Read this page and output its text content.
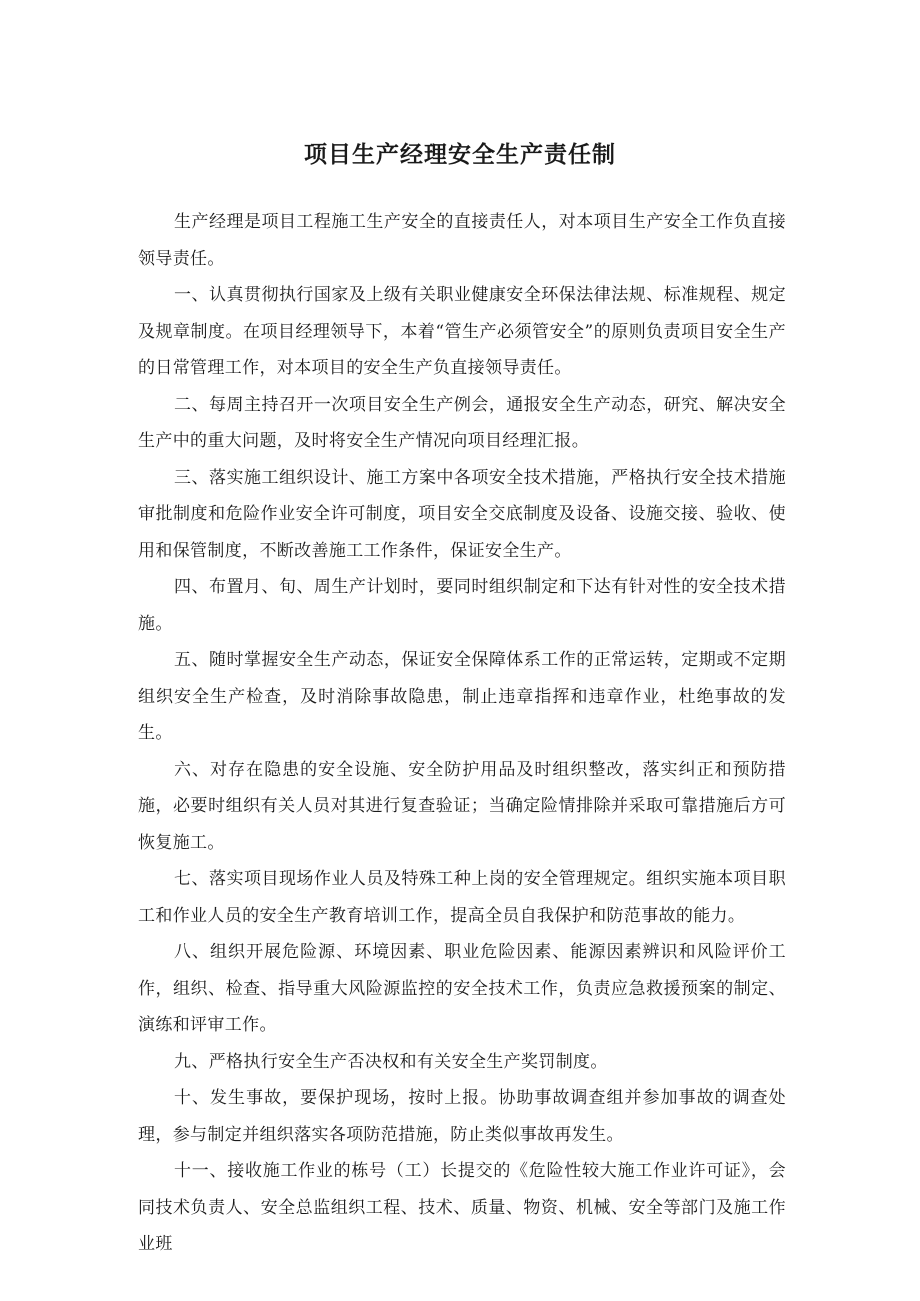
项目生产经理安全生产责任制

生产经理是项目工程施工生产安全的直接责任人，对本项目生产安全工作负直接领导责任。

一、认真贯彻执行国家及上级有关职业健康安全环保法律法规、标准规程、规定及规章制度。在项目经理领导下，本着“管生产必须管安全”的原则负责项目安全生产的日常管理工作，对本项目的安全生产负直接领导责任。

二、每周主持召开一次项目安全生产例会，通报安全生产动态，研究、解决安全生产中的重大问题，及时将安全生产情况向项目经理汇报。

三、落实施工组织设计、施工方案中各项安全技术措施，严格执行安全技术措施审批制度和危险作业安全许可制度，项目安全交底制度及设备、设施交接、验收、使用和保管制度，不断改善施工工作条件，保证安全生产。

四、布置月、旬、周生产计划时，要同时组织制定和下达有针对性的安全技术措施。

五、随时掌握安全生产动态，保证安全保障体系工作的正常运转，定期或不定期组织安全生产检查，及时消除事故隐患，制止违章指挥和违章作业，杜绝事故的发生。

六、对存在隐患的安全设施、安全防护用品及时组织整改，落实纠正和预防措施，必要时组织有关人员对其进行复查验证；当确定险情排除并采取可靠措施后方可恢复施工。

七、落实项目现场作业人员及特殊工种上岗的安全管理规定。组织实施本项目职工和作业人员的安全生产教育培训工作，提高全员自我保护和防范事故的能力。

八、组织开展危险源、环境因素、职业危险因素、能源因素辨识和风险评价工作，组织、检查、指导重大风险源监控的安全技术工作，负责应急救援预案的制定、演练和评审工作。

九、严格执行安全生产否决权和有关安全生产奖罚制度。

十、发生事故，要保护现场，按时上报。协助事故调查组并参加事故的调查处理，参与制定并组织落实各项防范措施，防止类似事故再发生。

十一、接收施工作业的栋号（工）长提交的《危险性较大施工作业许可证》，会同技术负责人、安全总监组织工程、技术、质量、物资、机械、安全等部门及施工作业班
